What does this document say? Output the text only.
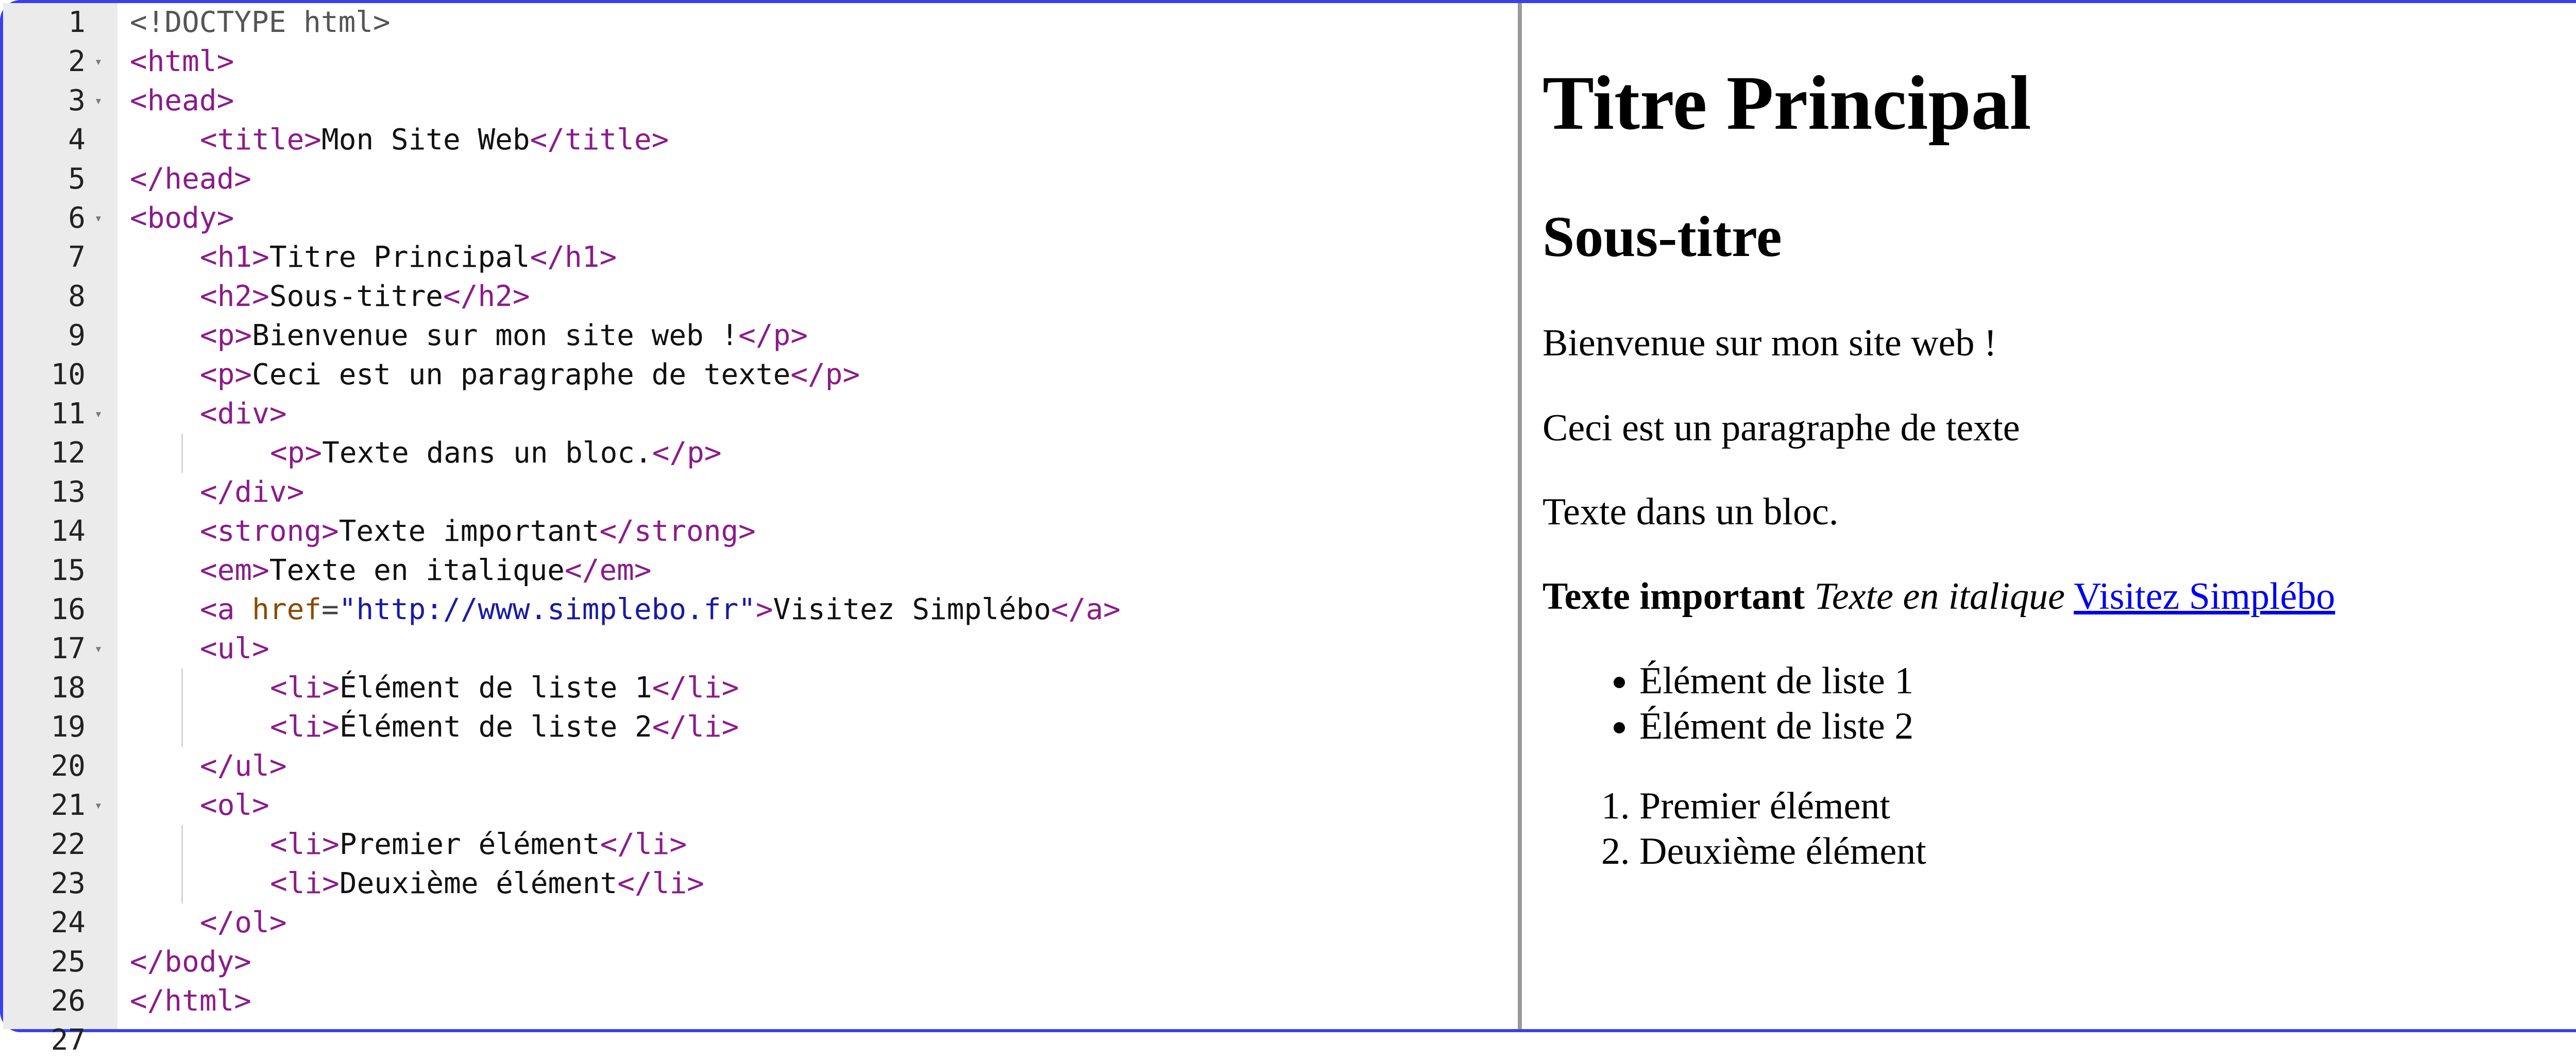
1 <!DOCTYPE html>
2 ▾ <html>
3 ▾ <head>
4	<title>Mon Site Web</title>
5 </head>
6 ▾ <body>
7	<h1>Titre Principal</h1>
8	<h2>Sous-titre</h2>
9	<p>Bienvenue sur mon site web !</p>
10	<p>Ceci est un paragraphe de texte</p>
11 ▾	<div>
12	<p>Texte dans un bloc.</p>
13	</div>
14	<strong>Texte important</strong>
15	<em>Texte en italique</em>
16	<a href="http://www.simplebo.fr">Visitez Simplébo</a>
17 ▾	<ul>
18	<li>Élément de liste 1</li>
19	<li>Élément de liste 2</li>
20	</ul>
21 ▾	<ol>
22	<li>Premier élément</li>
23	<li>Deuxième élément</li>
24	</ol>
25 </body>
26 </html>
27
Titre Principal
Sous-titre
Bienvenue sur mon site web !
Ceci est un paragraphe de texte
Texte dans un bloc.
Texte important Texte en italique Visitez Simplébo
• Élément de liste 1
• Élément de liste 2
1. Premier élément
2. Deuxième élément
